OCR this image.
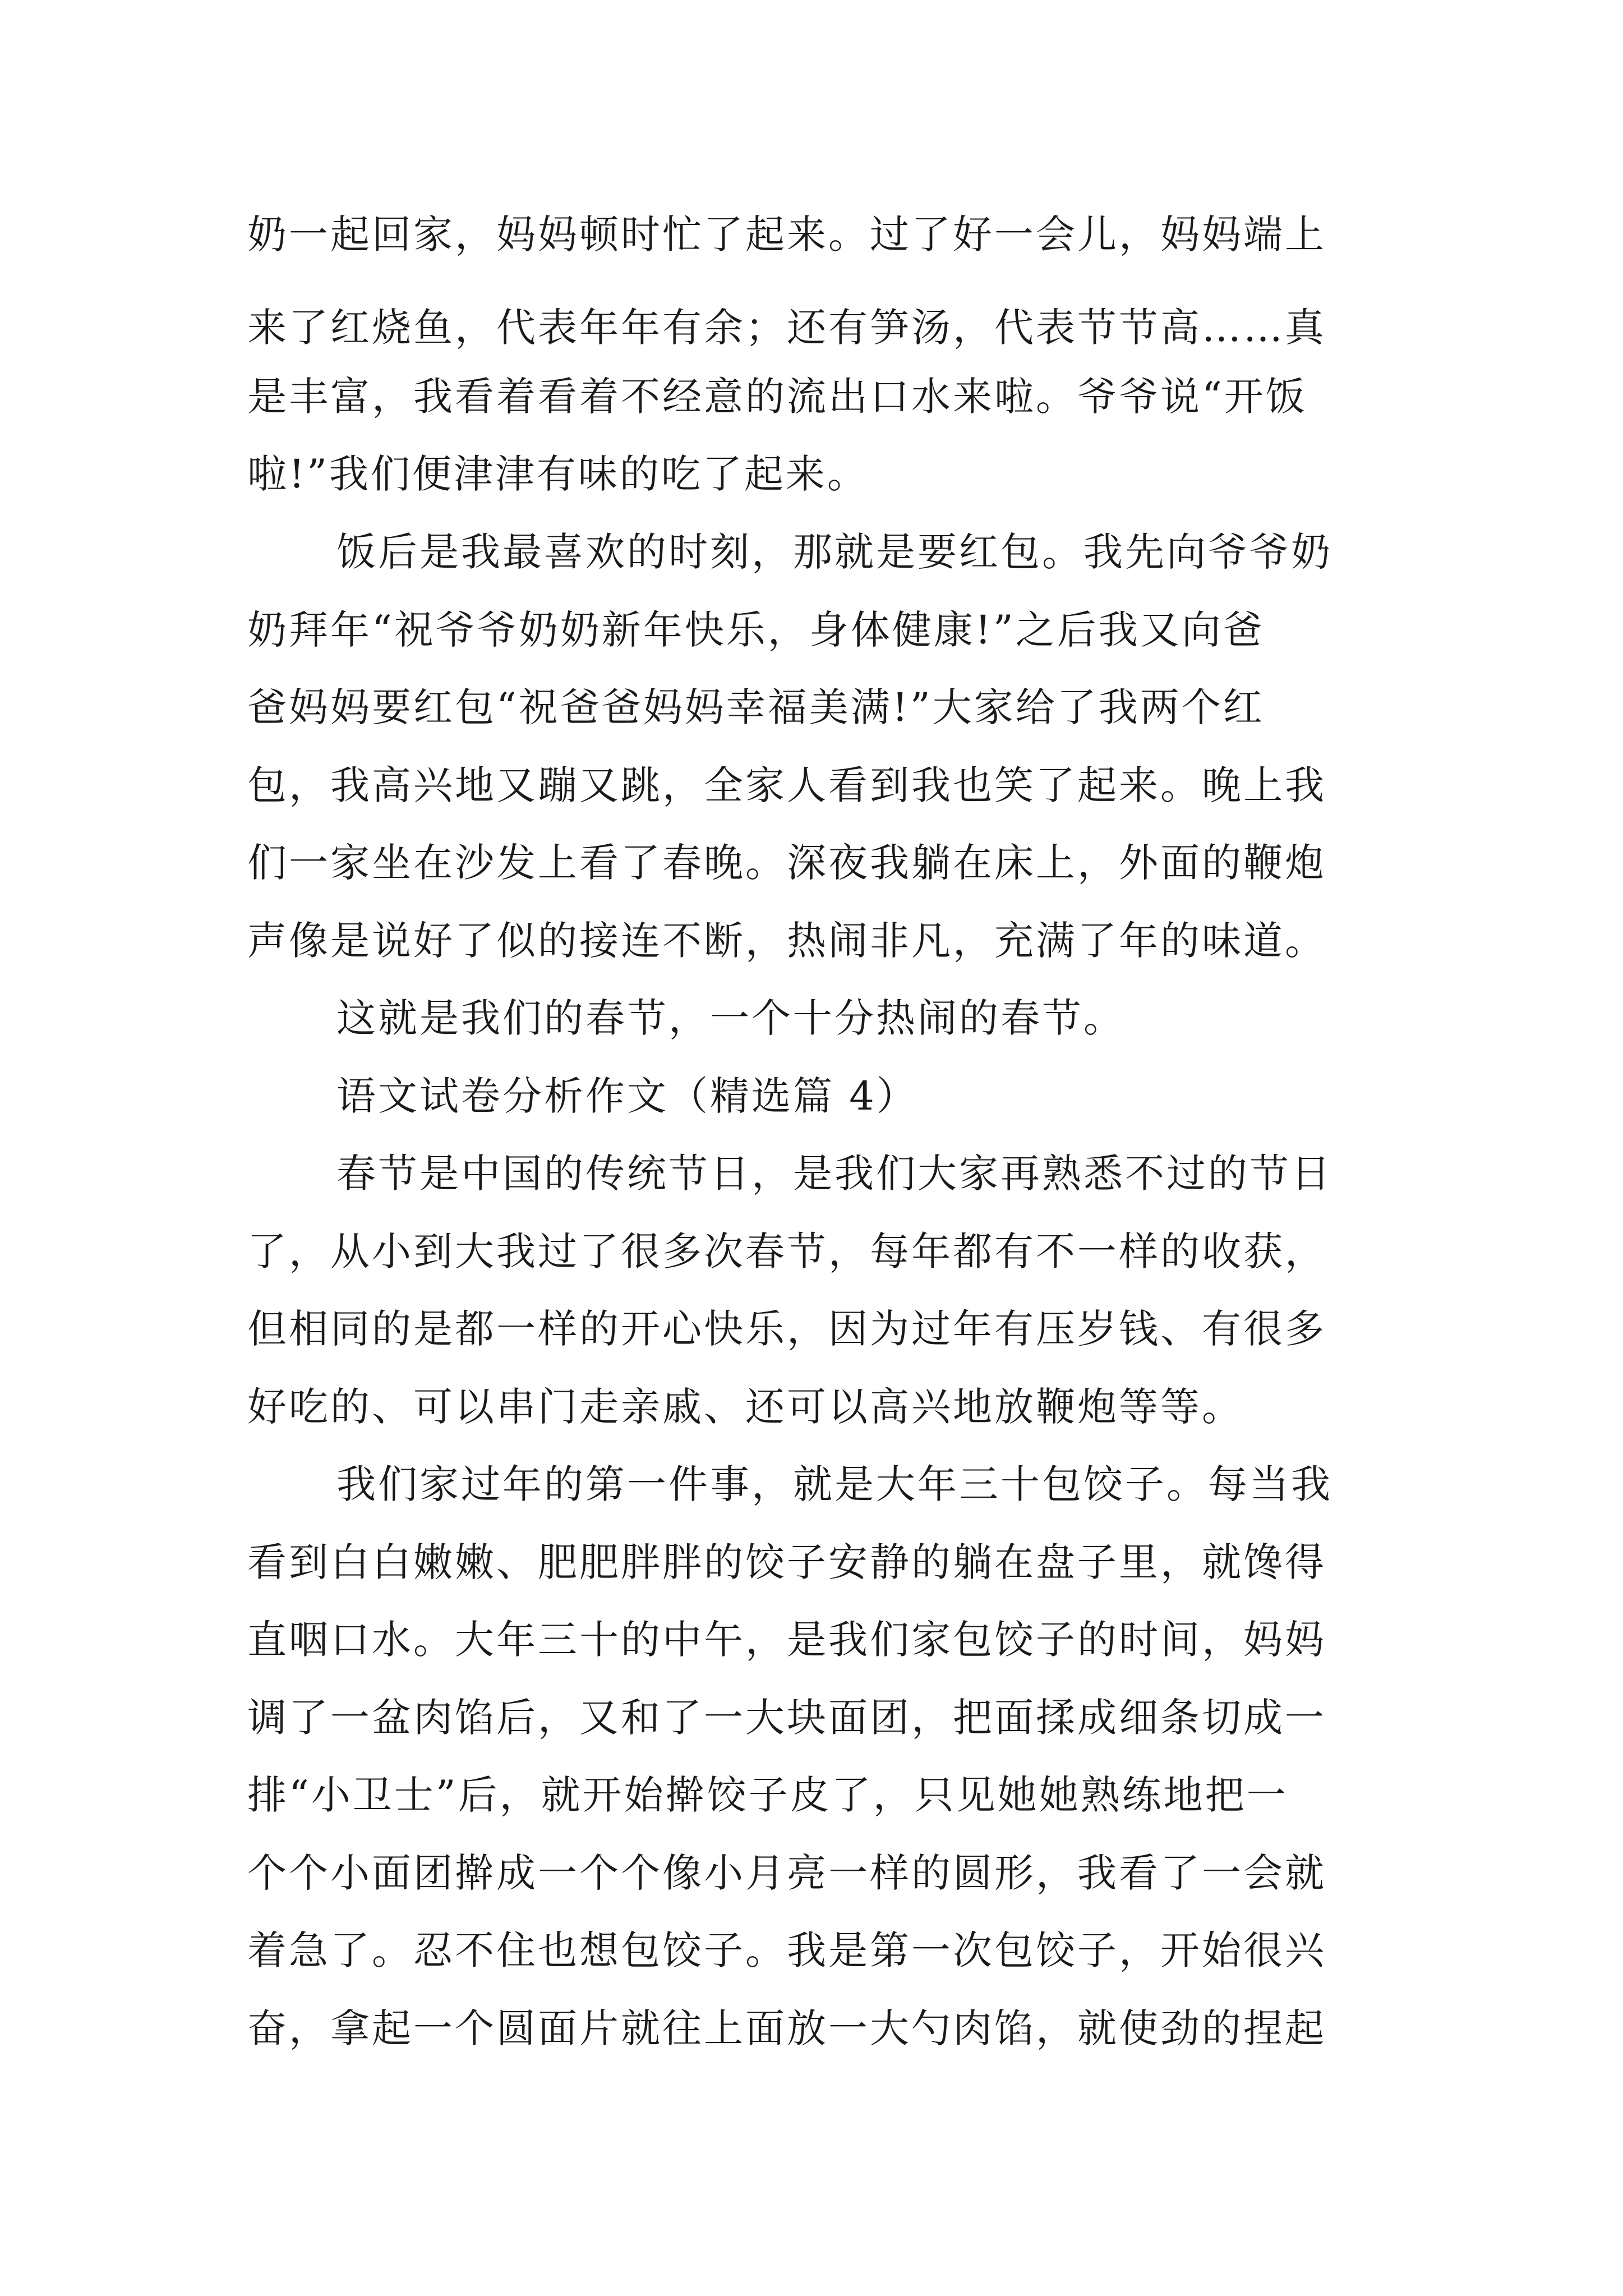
奶一起回家，妈妈顿时忙了起来。过了好一会儿，妈妈端上

来了红烧鱼，代表年年有余；还有笋汤，代表节节高……真

是丰富，我看着看着不经意的流出口水来啦。爷爷说“开饭

啦!”我们便津津有味的吃了起来。

饭后是我最喜欢的时刻，那就是要红包。我先向爷爷奶

奶拜年“祝爷爷奶奶新年快乐，身体健康!”之后我又向爸

爸妈妈要红包“祝爸爸妈妈幸福美满!”大家给了我两个红

包，我高兴地又蹦又跳，全家人看到我也笑了起来。晚上我

们一家坐在沙发上看了春晚。深夜我躺在床上，外面的鞭炮

声像是说好了似的接连不断，热闹非凡，充满了年的味道。

这就是我们的春节，一个十分热闹的春节。

语文试卷分析作文（精选篇 4）

春节是中国的传统节日，是我们大家再熟悉不过的节日

了，从小到大我过了很多次春节，每年都有不一样的收获，

但相同的是都一样的开心快乐，因为过年有压岁钱、有很多

好吃的、可以串门走亲戚、还可以高兴地放鞭炮等等。

我们家过年的第一件事，就是大年三十包饺子。每当我

看到白白嫩嫩、肥肥胖胖的饺子安静的躺在盘子里，就馋得

直咽口水。大年三十的中午，是我们家包饺子的时间，妈妈

调了一盆肉馅后，又和了一大块面团，把面揉成细条切成一

排“小卫士”后，就开始擀饺子皮了，只见她她熟练地把一

个个小面团擀成一个个像小月亮一样的圆形，我看了一会就

着急了。忍不住也想包饺子。我是第一次包饺子，开始很兴

奋，拿起一个圆面片就往上面放一大勺肉馅，就使劲的捏起
